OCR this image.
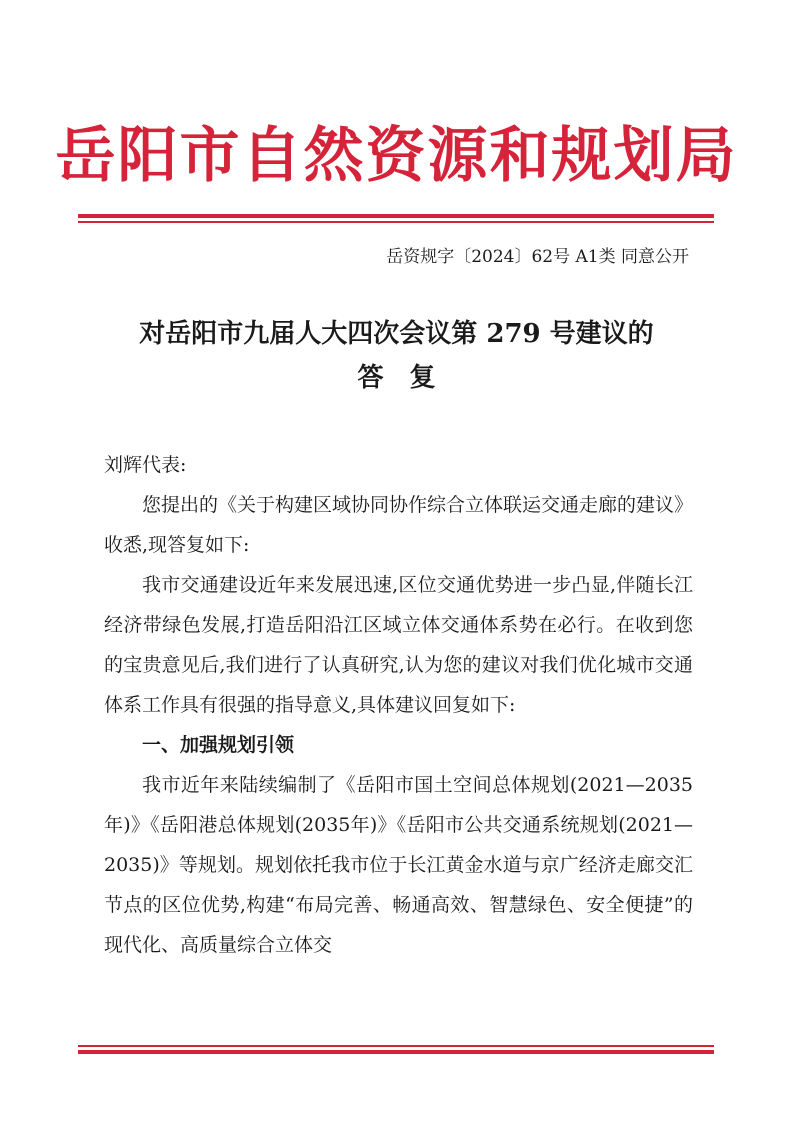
岳阳市自然资源和规划局
岳资规字〔2024〕62号 A1类 同意公开
对岳阳市九届人大四次会议第 279 号建议的
答复

刘辉代表:

您提出的《关于构建区域协同协作综合立体联运交通走廊的建议》收悉,现答复如下:

我市交通建设近年来发展迅速,区位交通优势进一步凸显,伴随长江经济带绿色发展,打造岳阳沿江区域立体交通体系势在必行。在收到您的宝贵意见后,我们进行了认真研究,认为您的建议对我们优化城市交通体系工作具有很强的指导意义,具体建议回复如下:

一、加强规划引领

我市近年来陆续编制了《岳阳市国土空间总体规划(2021—2035年)》《岳阳港总体规划(2035年)》《岳阳市公共交通系统规划(2021—2035)》等规划。规划依托我市位于长江黄金水道与京广经济走廊交汇节点的区位优势,构建“布局完善、畅通高效、智慧绿色、安全便捷”的现代化、高质量综合立体交
